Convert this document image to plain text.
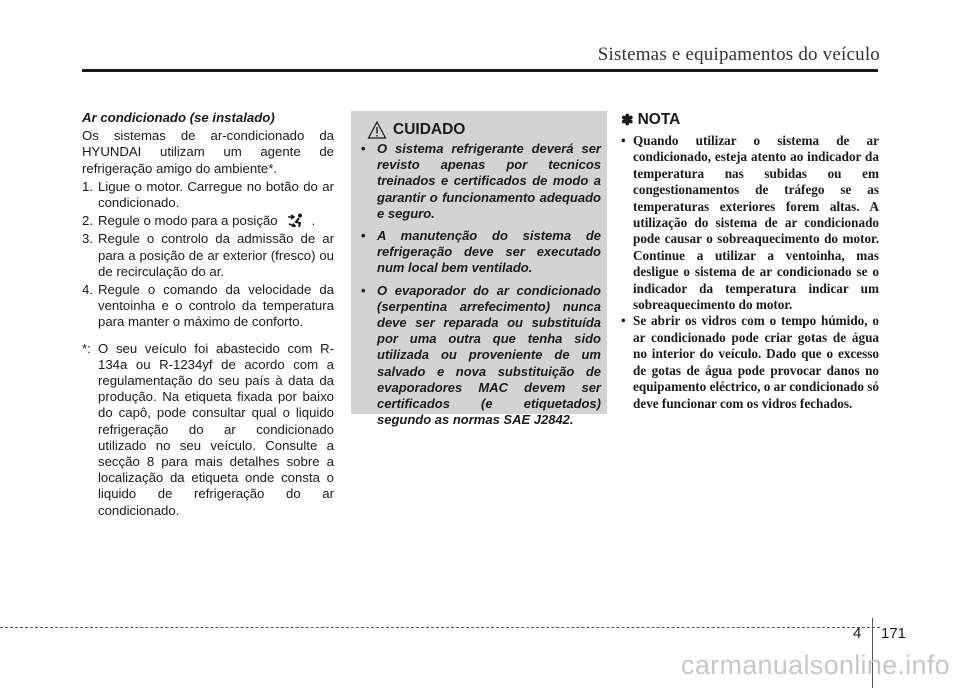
Sistemas e equipamentos do veículo
Ar condicionado (se instalado)

Os sistemas de ar-condicionado da HYUNDAI utilizam um agente de refrigeração amigo do ambiente*.

1. Ligue o motor. Carregue no botão do ar condicionado.
2. Regule o modo para a posição	.
3. Regule o controlo da admissão de ar para a posição de ar exterior (fresco) ou de recirculação do ar.
4. Regule o comando da velocidade da ventoinha e o controlo da temperatura para manter o máximo de conforto.
*: O seu veículo foi abastecido com R-134a ou R-1234yf de acordo com a regulamentação do seu país à data da produção. Na etiqueta fixada por baixo do capô, pode consultar qual o liquido refrigeração do ar condicionado utilizado no seu veículo. Consulte a secção 8 para mais detalhes sobre a localização da etiqueta onde consta o liquido de refrigeração do ar condicionado.
CUIDADO
• O sistema refrigerante deverá ser revisto apenas por tecnicos treinados e certificados de modo a garantir o funcionamento adequado e seguro.
• A manutenção do sistema de refrigeração deve ser executado num local bem ventilado.
• O evaporador do ar condicionado (serpentina arrefecimento) nunca deve ser reparada ou substituída por uma outra que tenha sido utilizada ou proveniente de um salvado e nova substituição de evaporadores MAC devem ser certificados (e etiquetados) segundo as normas SAE J2842.
✽ NOTA
• Quando utilizar o sistema de ar condicionado, esteja atento ao indicador da temperatura nas subidas ou em congestionamentos de tráfego se as temperaturas exteriores forem altas. A utilização do sistema de ar condicionado pode causar o sobreaquecimento do motor. Continue a utilizar a ventoinha, mas desligue o sistema de ar condicionado se o indicador da temperatura indicar um sobreaquecimento do motor.
• Se abrir os vidros com o tempo húmido, o ar condicionado pode criar gotas de água no interior do veículo. Dado que o excesso de gotas de água pode provocar danos no equipamento eléctrico, o ar condicionado só deve funcionar com os vidros fechados.
4 171
carmanualsonline.info
